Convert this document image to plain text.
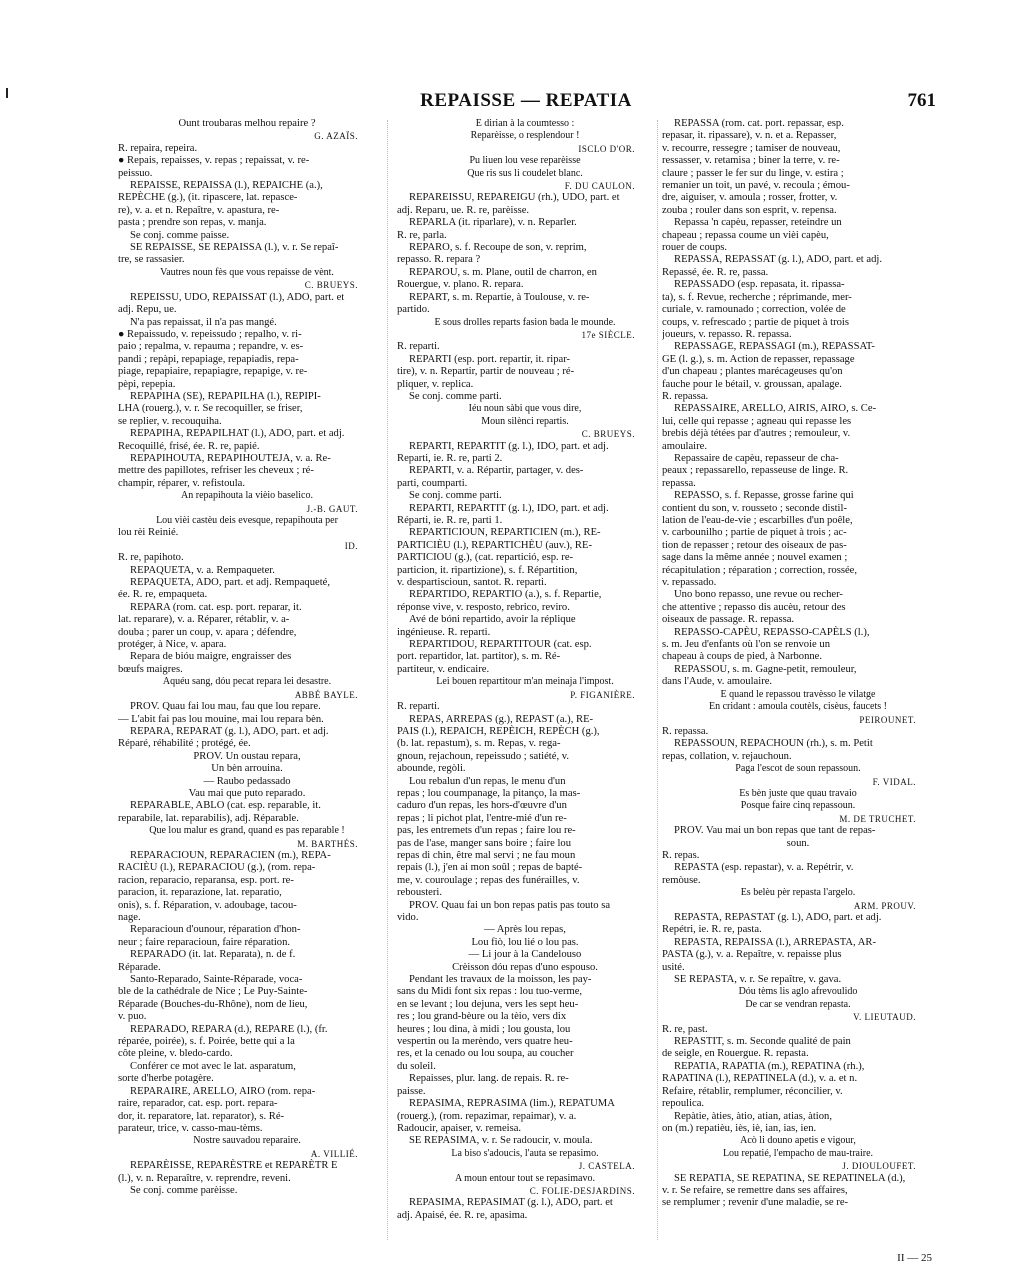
REPAISSE — REPATIA	761
Ount troubaras melhou repaire ?
G. AZAÏS.
R. repaira, repeira.
● Repais, repaisses, v. repas ; repaissat, v. re-
peissuo.
REPAISSE, REPAISSA (l.), REPAICHE (a.),
REPÈCHE (g.), (it. ripascere, lat. repasce-
re), v. a. et n. Repaître, v. apastura, re-
pasta ; prendre son repas, v. manja.
Se conj. comme paisse.
SE REPAISSE, SE REPAISSA (l.), v. r. Se repaî-
tre, se rassasier.
Vautres noun fès que vous repaisse de vènt.
C. BRUEYS.
REPEISSU, UDO, REPAISSAT (l.), ADO, part. et
adj. Repu, ue.
N'a pas repaissat, il n'a pas mangé.
● Repaissudo, v. repeissudo ; repalho, v. ri-
paio ; repalma, v. repauma ; repandre, v. es-
pandi ; repàpi, repapiage, repapiadis, repa-
piage, repapiaire, repapiagre, repapige, v. re-
pèpi, repepia.
REPAPIHA (SE), REPAPILHA (l.), REPIPI-
LHA (rouerg.), v. r. Se recoquiller, se friser,
se replier, v. recouquiha.
REPAPIHA, REPAPILHAT (l.), ADO, part. et adj.
Recoquillé, frisé, ée. R. re, papié.
REPAPIHOUTA, REPAPIHOUTEJA, v. a. Re-
mettre des papillotes, refriser les cheveux ; ré-
champir, réparer, v. refistoula.
An repapihouta la vièio baselico.
J.-B. GAUT.
Lou vièi castèu deis evesque, repapihouta per
lou rèi Reinié.
ID.
R. re, papihoto.
REPAQUETA, v. a. Rempaqueter.
REPAQUETA, ADO, part. et adj. Rempaqueté,
ée. R. re, empaqueta.
REPARA (rom. cat. esp. port. reparar, it.
lat. reparare), v. a. Réparer, rétablir, v. a-
douba ; parer un coup, v. apara ; défendre,
protéger, à Nice, v. apara.
Repara de bióu maigre, engraisser des
bœufs maigres.
Aquéu sang, dóu pecat repara lei desastre.
ABBÉ BAYLE.
PROV. Quau fai lou mau, fau que lou repare.
— L'abit fai pas lou mouine, mai lou repara bèn.
REPARA, REPARAT (g. l.), ADO, part. et adj.
Réparé, réhabilité ; protégé, ée.
PROV. Un oustau repara,
Un bèn arrouina.
— Raubo pedassado
Vau mai que puto reparado.
REPARABLE, ABLO (cat. esp. reparable, it.
reparabile, lat. reparabilis), adj. Réparable.
Que lou malur es grand, quand es pas reparable !
M. BARTHÉS.
REPARACIOUN, REPARACIEN (m.), REPA-
RACIÈU (l.), REPARACIOU (g.), (rom. repa-
racion, reparacio, reparansa, esp. port. re-
paracion, it. reparazione, lat. reparatio,
onis), s. f. Réparation, v. adoubage, tacou-
nage.
Reparacioun d'ounour, réparation d'hon-
neur ; faire reparacioun, faire réparation.
REPARADO (it. lat. Reparata), n. de f.
Réparade.
Santo-Reparado, Sainte-Réparade, voca-
ble de la cathédrale de Nice ; Le Puy-Sainte-
Réparade (Bouches-du-Rhône), nom de lieu,
v. puo.
REPARADO, REPARA (d.), REPARE (l.), (fr.
réparée, poirée), s. f. Poirée, bette qui a la
côte pleine, v. bledo-cardo.
Conférer ce mot avec le lat. asparatum,
sorte d'herbe potagère.
REPARAIRE, ARELLO, AIRO (rom. repa-
raire, reparador, cat. esp. port. repara-
dor, it. reparatore, lat. reparator), s. Ré-
parateur, trice, v. casso-mau-tèms.
Nostre sauvadou reparaire.
A. VILLIÉ.
REPARÈISSE, REPARÈSTRE et REPARÈTR E
(l.), v. n. Reparaître, v. reprendre, reveni.
Se conj. comme parèisse.
E dirian à la coumtesso :
Reparèisse, o resplendour !
ISCLO D'OR.
Pu liuen lou vese reparèisse
Que ris sus li coudelet blanc.
F. DU CAULON.
REPAREISSU, REPAREIGU (rh.), UDO, part. et
adj. Reparu, ue. R. re, parèisse.
REPARLA (it. riparlare), v. n. Reparler.
R. re, parla.
REPARO, s. f. Recoupe de son, v. reprim,
repasso. R. repara ?
REPAROU, s. m. Plane, outil de charron, en
Rouergue, v. plano. R. repara.
REPART, s. m. Repartie, à Toulouse, v. re-
partido.
E sous drolles reparts fasion bada le mounde.
17e SIÈCLE.
R. reparti.
REPARTI (esp. port. repartir, it. ripar-
tire), v. n. Repartir, partir de nouveau ; ré-
pliquer, v. replica.
Se conj. comme parti.
Iéu noun sàbi que vous dire,
Moun silènci repartis.
C. BRUEYS.
REPARTI, REPARTIT (g. l.), IDO, part. et adj.
Reparti, ie. R. re, parti 2.
REPARTI, v. a. Répartir, partager, v. des-
parti, coumparti.
Se conj. comme parti.
REPARTI, REPARTIT (g. l.), IDO, part. et adj.
Réparti, ie. R. re, parti 1.
REPARTICIOUN, REPARTICIEN (m.), RE-
PARTICIÈU (l.), REPARTICHÈU (auv.), RE-
PARTICIOU (g.), (cat. repartició, esp. re-
particion, it. ripartizione), s. f. Répartition,
v. despartiscioun, santot. R. reparti.
REPARTIDO, REPARTIO (a.), s. f. Repartie,
réponse vive, v. resposto, rebrico, reviro.
Avé de bóni repartido, avoir la réplique
ingénieuse. R. reparti.
REPARTIDOU, REPARTITOUR (cat. esp.
port. repartidor, lat. partitor), s. m. Ré-
partiteur, v. endicaire.
Lei bouen repartitour m'an meinaja l'impost.
P. FIGANIÈRE.
R. reparti.
REPAS, ARREPAS (g.), REPAST (a.), RE-
PAIS (l.), REPAICH, REPÈICH, REPÈCH (g.),
(b. lat. repastum), s. m. Repas, v. rega-
gnoun, rejachoun, repeissudo ; satiété, v.
abounde, regòli.
Lou rebalun d'un repas, le menu d'un
repas ; lou coumpanage, la pitanço, la mas-
caduro d'un repas, les hors-d'œuvre d'un
repas ; li pichot plat, l'entre-mié d'un re-
pas, les entremets d'un repas ; faire lou re-
pas de l'ase, manger sans boire ; faire lou
repas di chin, être mal servi ; ne fau moun
repais (l.), j'en ai mon soûl ; repas de bapté-
me, v. couroulage ; repas des funérailles, v.
rebousteri.
PROV. Quau fai un bon repas patis pas touto sa
vido.
— Après lou repas,
Lou fiò, lou lié o lou pas.
— Li jour à la Candelouso
Crèisson dóu repas d'uno espouso.
Pendant les travaux de la moisson, les pay-
sans du Midi font six repas : lou tuo-verme,
en se levant ; lou dejuna, vers les sept heu-
res ; lou grand-bèure ou la tèio, vers dix
heures ; lou dina, à midi ; lou gousta, lou
vespertin ou la merèndo, vers quatre heu-
res, et la cenado ou lou soupa, au coucher
du soleil.
Repaisses, plur. lang. de repais. R. re-
paisse.
REPASIMA, REPRASIMA (lim.), REPATUMA
(rouerg.), (rom. repazimar, repaimar), v. a.
Radoucir, apaiser, v. remeisa.
SE REPASIMA, v. r. Se radoucir, v. moula.
La biso s'adoucis, l'auta se repasimo.
J. CASTELA.
A moun entour tout se repasimavo.
C. FOLIE-DESJARDINS.
REPASIMA, REPASIMAT (g. l.), ADO, part. et
adj. Apaisé, ée. R. re, apasima.
REPASSA (rom. cat. port. repassar, esp.
repasar, it. ripassare), v. n. et a. Repasser,
v. recourre, ressegre ; tamiser de nouveau,
ressasser, v. retamisa ; biner la terre, v. re-
claure ; passer le fer sur du linge, v. estira ;
remanier un toit, un pavé, v. recoula ; émou-
dre, aiguiser, v. amoula ; rosser, frotter, v.
zouba ; rouler dans son esprit, v. repensa.
Repassa 'n capèu, repasser, reteindre un
chapeau ; repassa coume un vièi capèu,
rouer de coups.
REPASSA, REPASSAT (g. l.), ADO, part. et adj.
Repassé, ée. R. re, passa.
REPASSADO (esp. repasata, it. ripassa-
ta), s. f. Revue, recherche ; réprimande, mer-
curiale, v. ramounado ; correction, volée de
coups, v. refrescado ; partie de piquet à trois
joueurs, v. repasso. R. repassa.
REPASSAGE, REPASSAGI (m.), REPASSAT-
GE (l. g.), s. m. Action de repasser, repassage
d'un chapeau ; plantes marécageuses qu'on
fauche pour le bétail, v. groussan, apalage.
R. repassa.
REPASSAIRE, ARELLO, AIRIS, AIRO, s. Ce-
lui, celle qui repasse ; agneau qui repasse les
brebis déjà tétées par d'autres ; remouleur, v.
amoulaire.
Repassaire de capèu, repasseur de cha-
peaux ; repassarello, repasseuse de linge. R.
repassa.
REPASSO, s. f. Repasse, grosse farine qui
contient du son, v. rousseto ; seconde distil-
lation de l'eau-de-vie ; escarbilles d'un poêle,
v. carbounilho ; partie de piquet à trois ; ac-
tion de repasser ; retour des oiseaux de pas-
sage dans la même année ; nouvel examen ;
récapitulation ; réparation ; correction, rossée,
v. repassado.
Uno bono repasso, une revue ou recher-
che attentive ; repasso dis aucèu, retour des
oiseaux de passage. R. repassa.
REPASSO-CAPÈU, REPASSO-CAPÈLS (l.),
s. m. Jeu d'enfants où l'on se renvoie un
chapeau à coups de pied, à Narbonne.
REPASSOU, s. m. Gagne-petit, remouleur,
dans l'Aude, v. amoulaire.
E quand le repassou travèsso le vilatge
En cridant : amoula coutèls, cisèus, faucets !
PEIROUNET.
R. repassa.
REPASSOUN, REPACHOUN (rh.), s. m. Petit
repas, collation, v. rejauchoun.
Paga l'escot de soun repassoun.
F. VIDAL.
Es bèn juste que quau travaio
Posque faire cinq repassoun.
M. DE TRUCHET.
PROV. Vau mai un bon repas que tant de repas-
soun.
R. repas.
REPASTA (esp. repastar), v. a. Repétrir, v.
remòuse.
Es belèu pèr repasta l'argelo.
ARM. PROUV.
REPASTA, REPASTAT (g. l.), ADO, part. et adj.
Repétri, ie. R. re, pasta.
REPASTA, REPAISSA (l.), ARREPASTA, AR-
PASTA (g.), v. a. Repaître, v. repaisse plus
usité.
SE REPASTA, v. r. Se repaître, v. gava.
Dóu tèms lis aglo afrevoulido
De car se vendran repasta.
V. LIEUTAUD.
R. re, past.
REPASTIT, s. m. Seconde qualité de pain
de seigle, en Rouergue. R. repasta.
REPATIA, RAPATIA (m.), REPATINA (rh.),
RAPATINA (l.), REPATINELA (d.), v. a. et n.
Refaire, rétablir, remplumer, réconcilier, v.
repoulica.
Repàtie, àties, àtio, atian, atias, àtion,
on (m.) repatièu, iès, iè, ian, ias, ien.
Acò li douno apetis e vigour,
Lou repatié, l'empacho de mau-traire.
J. DIOULOUFET.
SE REPATIA, SE REPATINA, SE REPATINELA (d.),
v. r. Se refaire, se remettre dans ses affaires,
se remplumer ; revenir d'une maladie, se re-
II — 25
